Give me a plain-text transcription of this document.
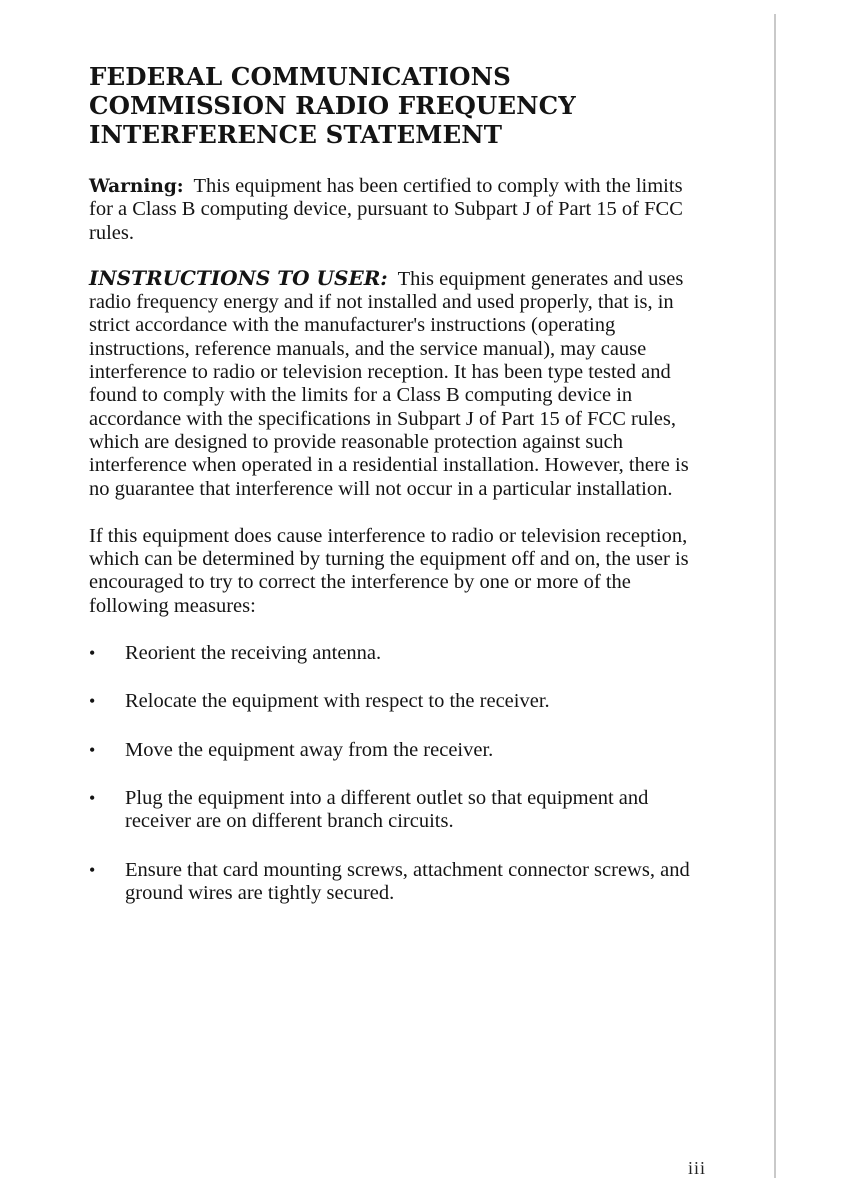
FEDERAL COMMUNICATIONS
COMMISSION RADIO FREQUENCY
INTERFERENCE STATEMENT

Warning: This equipment has been certified to comply with the limits for a Class B computing device, pursuant to Subpart J of Part 15 of FCC rules.

INSTRUCTIONS TO USER: This equipment generates and uses radio frequency energy and if not installed and used properly, that is, in strict accordance with the manufacturer's instructions (operating instructions, reference manuals, and the service manual), may cause interference to radio or television reception. It has been type tested and found to comply with the limits for a Class B computing device in accordance with the specifications in Subpart J of Part 15 of FCC rules, which are designed to provide reasonable protection against such interference when operated in a residential installation. However, there is no guarantee that interference will not occur in a particular installation.

If this equipment does cause interference to radio or television reception, which can be determined by turning the equipment off and on, the user is encouraged to try to correct the interference by one or more of the following measures:

•	Reorient the receiving antenna.
•	Relocate the equipment with respect to the receiver.
•	Move the equipment away from the receiver.
•	Plug the equipment into a different outlet so that equipment and receiver are on different branch circuits.
•	Ensure that card mounting screws, attachment connector screws, and ground wires are tightly secured.
iii
